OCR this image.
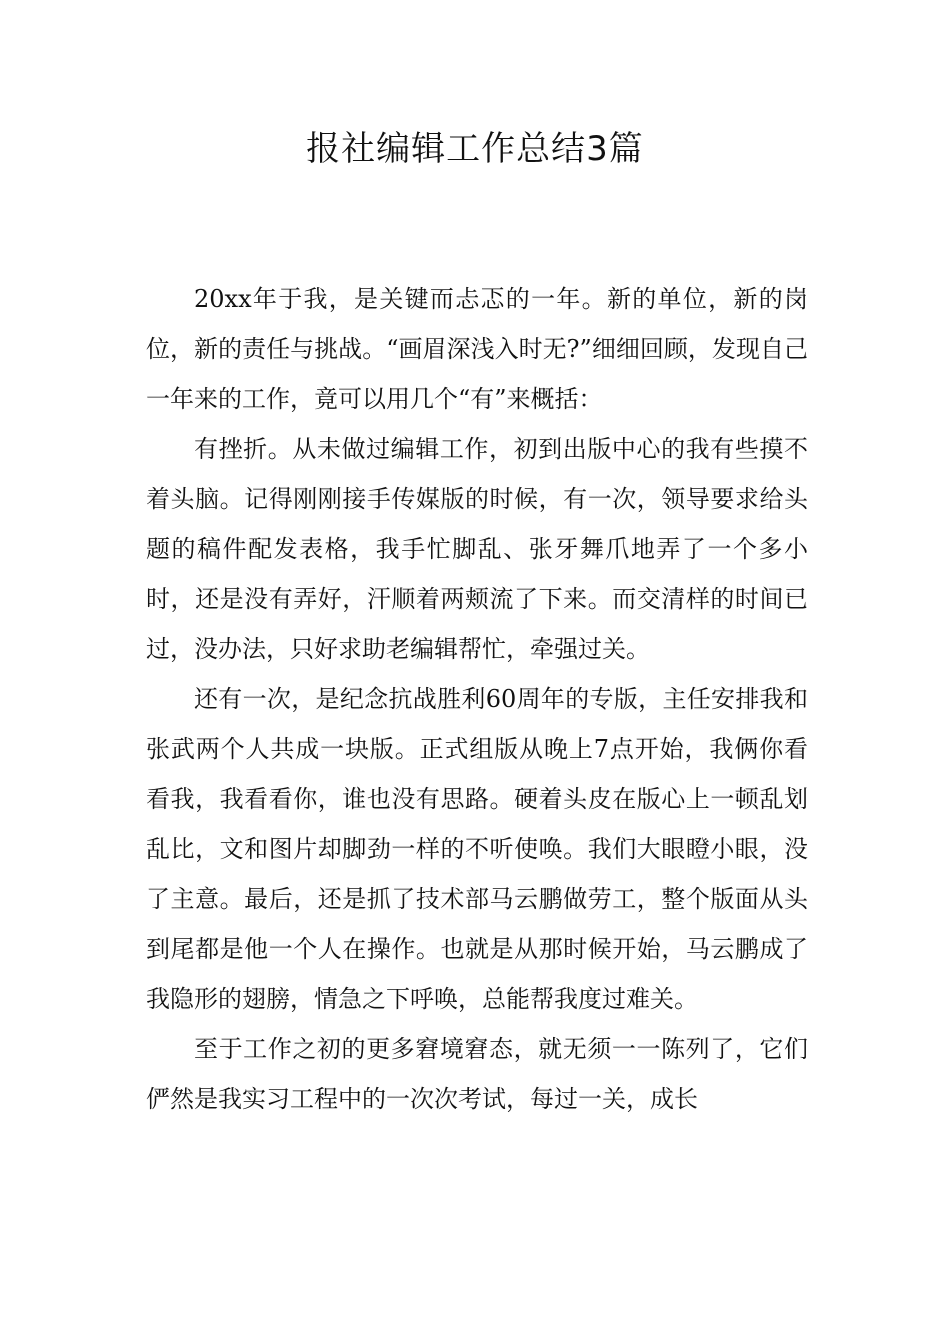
报社编辑工作总结3篇

20xx年于我，是关键而忐忑的一年。新的单位，新的岗位，新的责任与挑战。“画眉深浅入时无?”细细回顾，发现自己一年来的工作，竟可以用几个“有”来概括：

有挫折。从未做过编辑工作，初到出版中心的我有些摸不着头脑。记得刚刚接手传媒版的时候，有一次，领导要求给头题的稿件配发表格，我手忙脚乱、张牙舞爪地弄了一个多小时，还是没有弄好，汗顺着两颊流了下来。而交清样的时间已过，没办法，只好求助老编辑帮忙，牵强过关。

还有一次，是纪念抗战胜利60周年的专版，主任安排我和张武两个人共成一块版。正式组版从晚上7点开始，我俩你看看我，我看看你，谁也没有思路。硬着头皮在版心上一顿乱划乱比，文和图片却脚劲一样的不听使唤。我们大眼瞪小眼，没了主意。最后，还是抓了技术部马云鹏做劳工，整个版面从头到尾都是他一个人在操作。也就是从那时候开始，马云鹏成了我隐形的翅膀，情急之下呼唤，总能帮我度过难关。

至于工作之初的更多窘境窘态，就无须一一陈列了，它们俨然是我实习工程中的一次次考试，每过一关，成长
